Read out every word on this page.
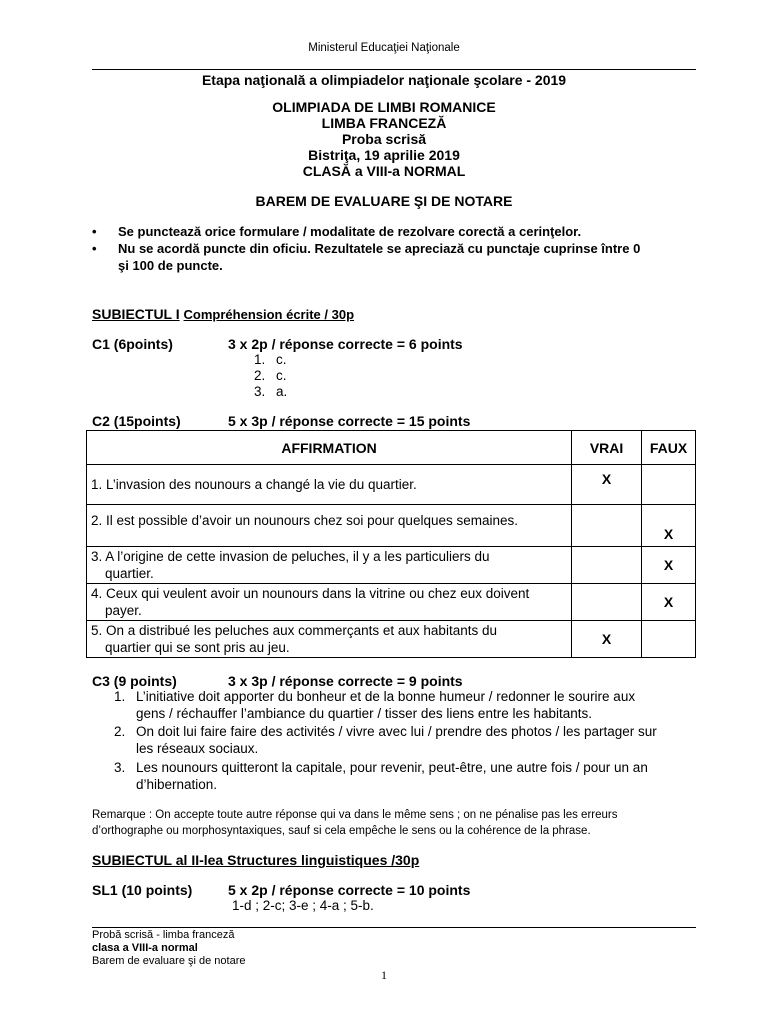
Ministerul Educaţiei Naţionale
Etapa naţională a olimpiadelor naţionale şcolare - 2019
OLIMPIADA DE LIMBI ROMANICE
LIMBA FRANCEZĂ
Proba scrisă
Bistriţa, 19 aprilie 2019
CLASĂ a VIII-a NORMAL
BAREM DE EVALUARE ŞI DE NOTARE
• Se punctează orice formulare / modalitate de rezolvare corectă a cerinţelor.
• Nu se acordă puncte din oficiu. Rezultatele se apreciază cu punctaje cuprinse între 0
şi 100 de puncte.
SUBIECTUL I Compréhension écrite / 30p
C1 (6points)	3 x 2p / réponse correcte = 6 points
1. c.
2. c.
3. a.
C2 (15points)	5 x 3p / réponse correcte = 15 points
AFFIRMATION	VRAI	FAUX
1. L’invasion des nounours a changé la vie du quartier.	X	
2. Il est possible d’avoir un nounours chez soi pour quelques semaines.		X
3. A l’origine de cette invasion de peluches, il y a les particuliers du
quartier.		X
4. Ceux qui veulent avoir un nounours dans la vitrine ou chez eux doivent
payer.		X
5. On a distribué les peluches aux commerçants et aux habitants du
quartier qui se sont pris au jeu.	X	
C3 (9 points)	3 x 3p / réponse correcte = 9 points
1. L’initiative doit apporter du bonheur et de la bonne humeur / redonner le sourire aux
gens / réchauffer l’ambiance du quartier / tisser des liens entre les habitants.
2. On doit lui faire faire des activités / vivre avec lui / prendre des photos / les partager sur
les réseaux sociaux.
3. Les nounours quitteront la capitale, pour revenir, peut-être, une autre fois / pour un an
d’hibernation.
Remarque : On accepte toute autre réponse qui va dans le même sens ; on ne pénalise pas les erreurs
d’orthographe ou morphosyntaxiques, sauf si cela empêche le sens ou la cohérence de la phrase.
SUBIECTUL al II-lea Structures linguistiques /30p
SL1 (10 points)	5 x 2p / réponse correcte = 10 points
1-d ; 2-c; 3-e ; 4-a ; 5-b.
Probă scrisă - limba franceză
clasa a VIII-a normal
Barem de evaluare şi de notare
1
